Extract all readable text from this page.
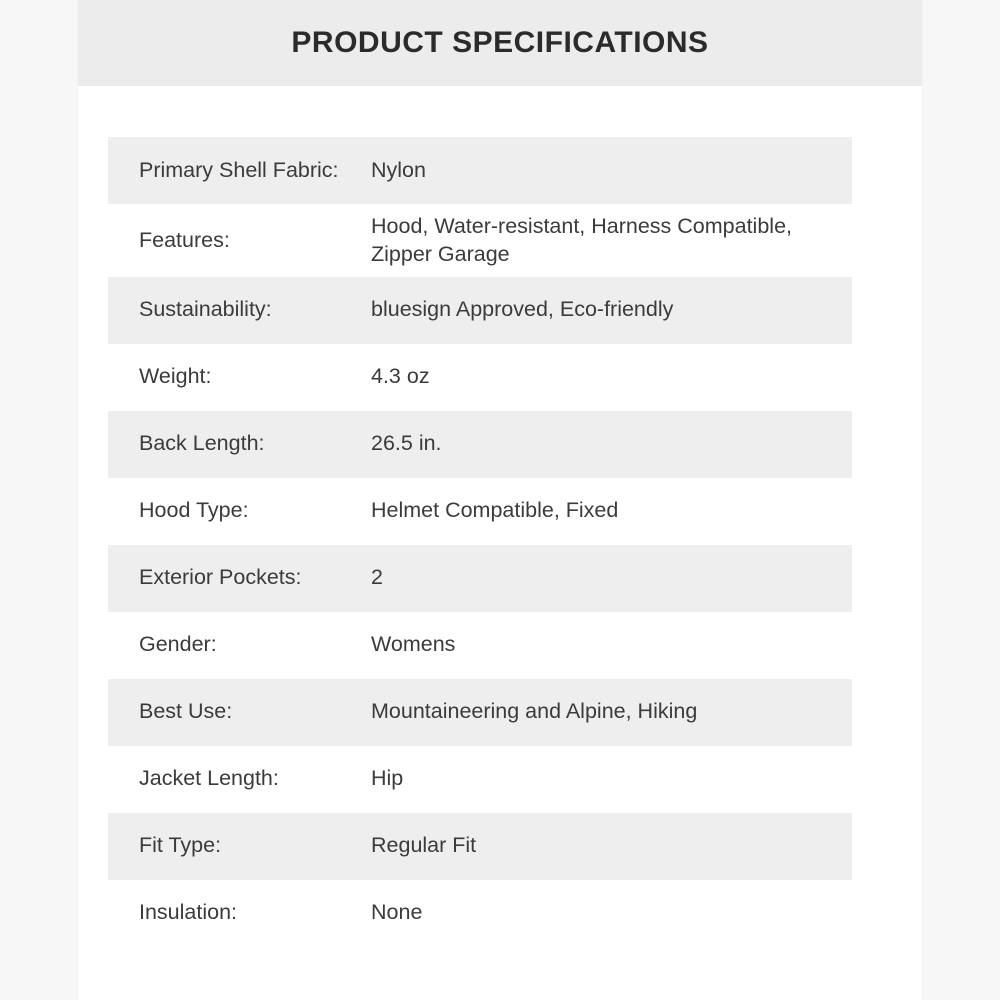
PRODUCT SPECIFICATIONS
Primary Shell Fabric:	Nylon
Features:	Hood, Water-resistant, Harness Compatible, Zipper Garage
Sustainability:	bluesign Approved, Eco-friendly
Weight:	4.3 oz
Back Length:	26.5 in.
Hood Type:	Helmet Compatible, Fixed
Exterior Pockets:	2
Gender:	Womens
Best Use:	Mountaineering and Alpine, Hiking
Jacket Length:	Hip
Fit Type:	Regular Fit
Insulation:	None
